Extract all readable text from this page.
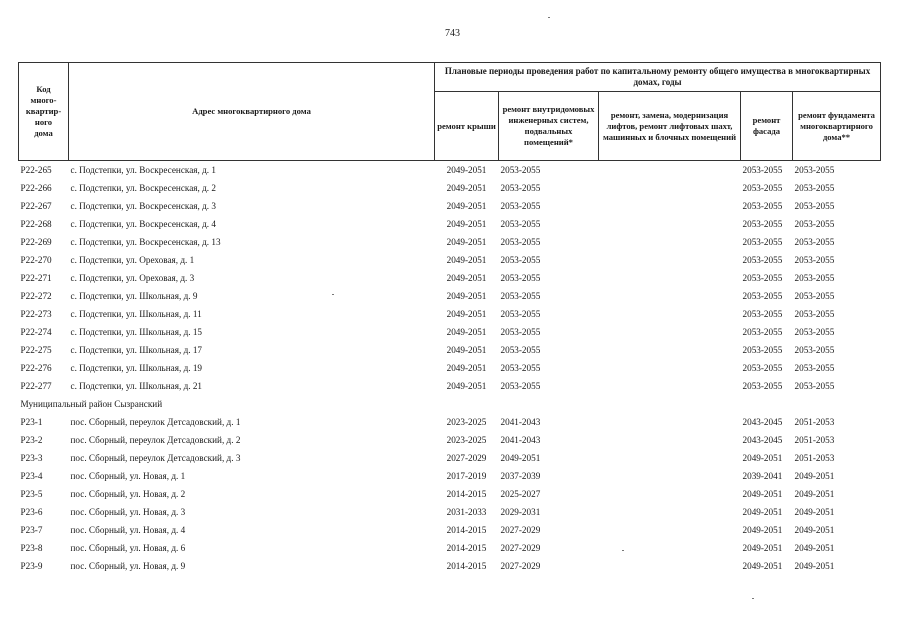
743
Код
много-
квартир-
ного
дома	Адрес многоквартирного дома	Плановые периоды проведения работ по капитальному ремонту общего имущества в многоквартирных домах, годы				
		ремонт крыши	ремонт внутридомовых инженерных систем, подвальных помещений*	ремонт, замена, модернизация лифтов, ремонт лифтовых шахт, машинных и блочных помещений	ремонт фасада	ремонт фундамента многоквартирного дома**
Р22-265	с. Подстепки, ул. Воскресенская, д. 1	2049-2051	2053-2055		2053-2055	2053-2055
Р22-266	с. Подстепки, ул. Воскресенская, д. 2	2049-2051	2053-2055		2053-2055	2053-2055
Р22-267	с. Подстепки, ул. Воскресенская, д. 3	2049-2051	2053-2055		2053-2055	2053-2055
Р22-268	с. Подстепки, ул. Воскресенская, д. 4	2049-2051	2053-2055		2053-2055	2053-2055
Р22-269	с. Подстепки, ул. Воскресенская, д. 13	2049-2051	2053-2055		2053-2055	2053-2055
Р22-270	с. Подстепки, ул. Ореховая, д. 1	2049-2051	2053-2055		2053-2055	2053-2055
Р22-271	с. Подстепки, ул. Ореховая, д. 3	2049-2051	2053-2055		2053-2055	2053-2055
Р22-272	с. Подстепки, ул. Школьная, д. 9	2049-2051	2053-2055		2053-2055	2053-2055
Р22-273	с. Подстепки, ул. Школьная, д. 11	2049-2051	2053-2055		2053-2055	2053-2055
Р22-274	с. Подстепки, ул. Школьная, д. 15	2049-2051	2053-2055		2053-2055	2053-2055
Р22-275	с. Подстепки, ул. Школьная, д. 17	2049-2051	2053-2055		2053-2055	2053-2055
Р22-276	с. Подстепки, ул. Школьная, д. 19	2049-2051	2053-2055		2053-2055	2053-2055
Р22-277	с. Подстепки, ул. Школьная, д. 21	2049-2051	2053-2055		2053-2055	2053-2055
Муниципальный район Сызранский						
Р23-1	пос. Сборный, переулок Детсадовский, д. 1	2023-2025	2041-2043		2043-2045	2051-2053
Р23-2	пос. Сборный, переулок Детсадовский, д. 2	2023-2025	2041-2043		2043-2045	2051-2053
Р23-3	пос. Сборный, переулок Детсадовский, д. 3	2027-2029	2049-2051		2049-2051	2051-2053
Р23-4	пос. Сборный, ул. Новая, д. 1	2017-2019	2037-2039		2039-2041	2049-2051
Р23-5	пос. Сборный, ул. Новая, д. 2	2014-2015	2025-2027		2049-2051	2049-2051
Р23-6	пос. Сборный, ул. Новая, д. 3	2031-2033	2029-2031		2049-2051	2049-2051
Р23-7	пос. Сборный, ул. Новая, д. 4	2014-2015	2027-2029		2049-2051	2049-2051
Р23-8	пос. Сборный, ул. Новая, д. 6	2014-2015	2027-2029		2049-2051	2049-2051
Р23-9	пос. Сборный, ул. Новая, д. 9	2014-2015	2027-2029		2049-2051	2049-2051
